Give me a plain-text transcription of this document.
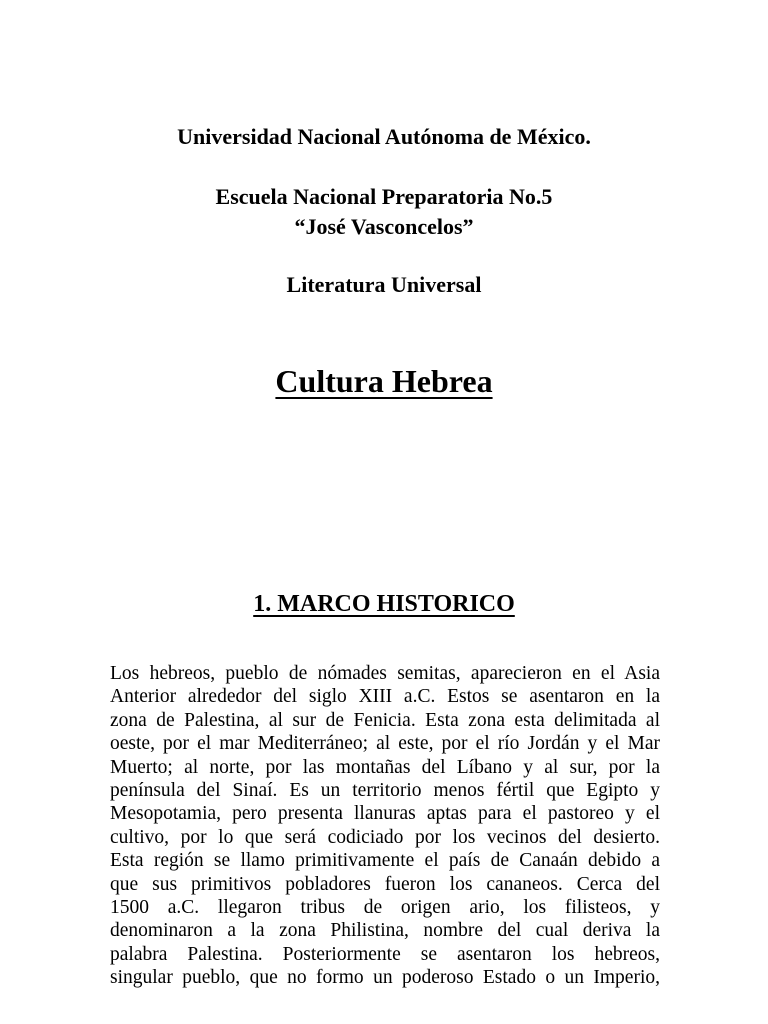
Universidad Nacional Autónoma de México.
Escuela Nacional Preparatoria No.5
“José Vasconcelos”
Literatura Universal
Cultura Hebrea
1. MARCO HISTORICO
Los hebreos, pueblo de nómades semitas, aparecieron en el Asia
Anterior alrededor del siglo XIII a.C. Estos se asentaron en la
zona de Palestina, al sur de Fenicia. Esta zona esta delimitada al
oeste, por el mar Mediterráneo; al este, por el río Jordán y el Mar
Muerto; al norte, por las montañas del Líbano y al sur, por la
península del Sinaí. Es un territorio menos fértil que Egipto y
Mesopotamia, pero presenta llanuras aptas para el pastoreo y el
cultivo, por lo que será codiciado por los vecinos del desierto.
Esta región se llamo primitivamente el país de Canaán debido a
que sus primitivos pobladores fueron los cananeos. Cerca del
1500 a.C. llegaron tribus de origen ario, los filisteos, y
denominaron a la zona Philistina, nombre del cual deriva la
palabra Palestina. Posteriormente se asentaron los hebreos,
singular pueblo, que no formo un poderoso Estado o un Imperio,
